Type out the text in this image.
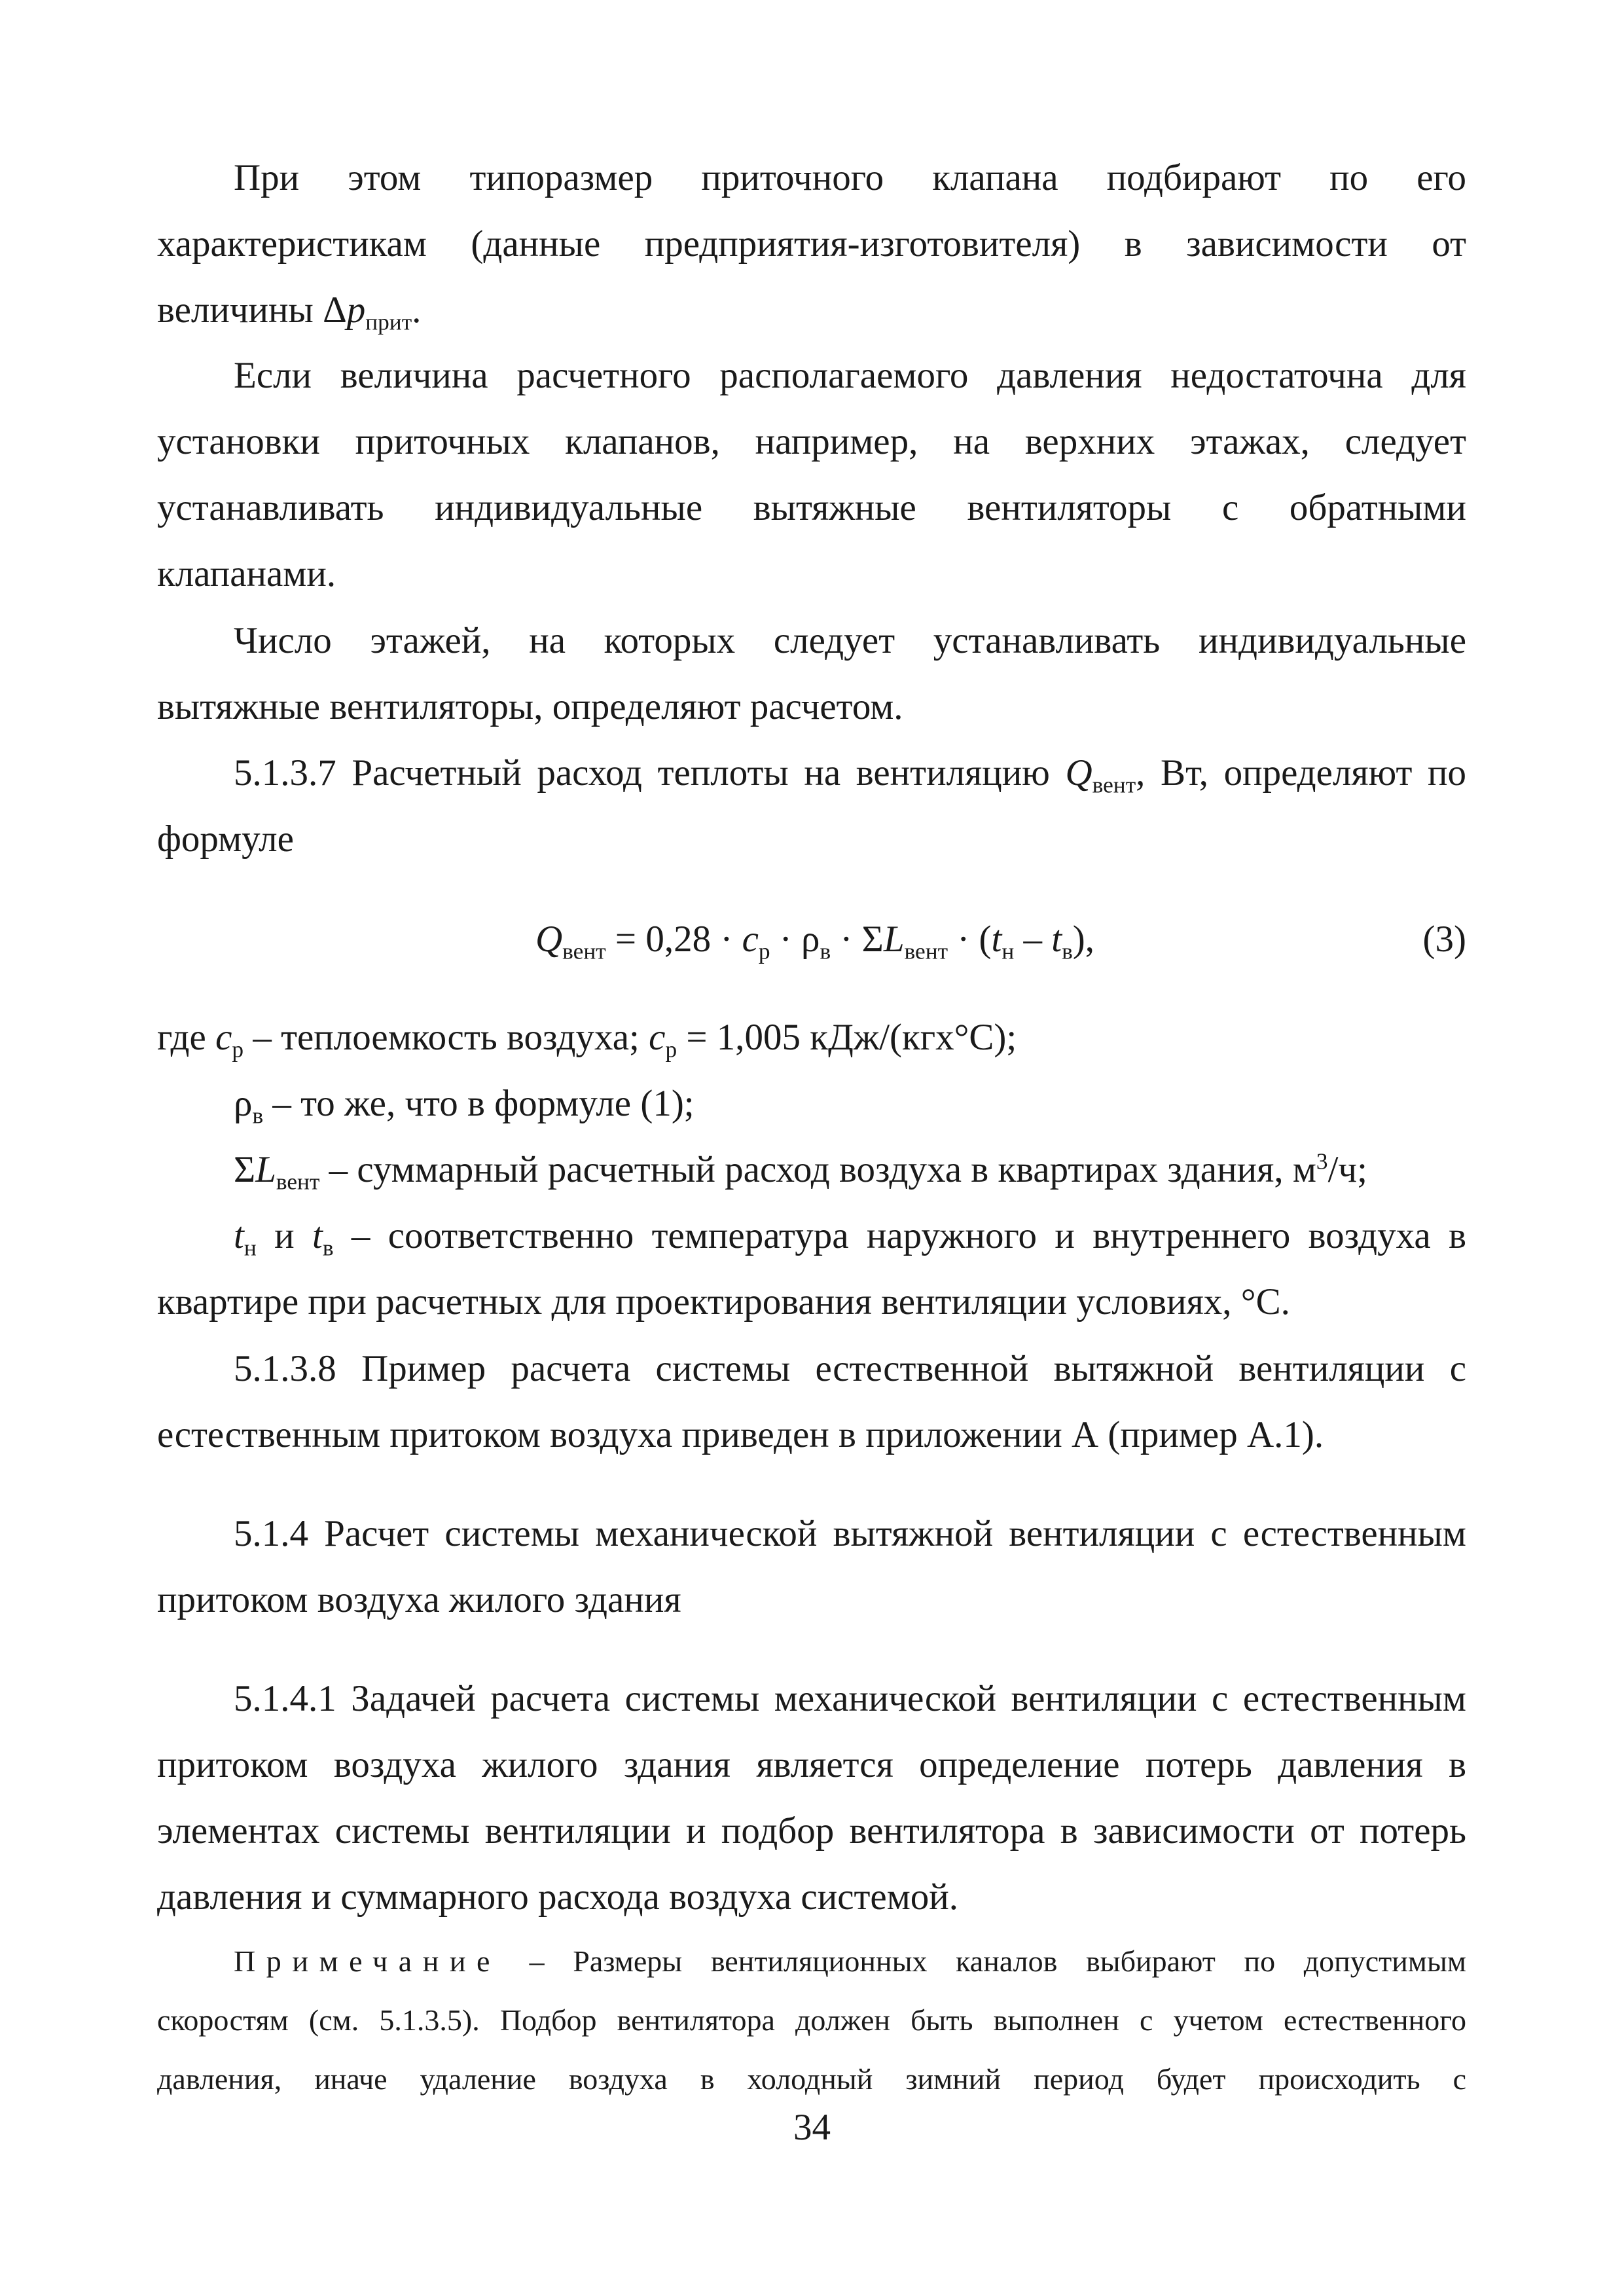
При этом типоразмер приточного клапана подбирают по его
характеристикам (данные предприятия-изготовителя) в зависимости от
величины $\Delta p_{прит}$.
Если величина расчетного располагаемого давления недостаточна для
установки приточных клапанов, например, на верхних этажах, следует
устанавливать индивидуальные вытяжные вентиляторы с обратными
клапанами.
Число этажей, на которых следует устанавливать индивидуальные
вытяжные вентиляторы, определяют расчетом.
5.1.3.7 Расчетный расход теплоты на вентиляцию $Q_{вент}$, Вт, определяют по
формуле
$Q_{вент} = 0,28 \cdot c_р \cdot \rho_в \cdot \Sigma L_{вент} \cdot (t_н - t_в)$,	(3)
где $c_р$ – теплоемкость воздуха; $c_р = 1,005$ кДж/(кгх°С);
$\rho_в$ – то же, что в формуле (1);
$\Sigma L_{вент}$ – суммарный расчетный расход воздуха в квартирах здания, $м^3/ч$;
$t_н$ и $t_в$ – соответственно температура наружного и внутреннего воздуха в
квартире при расчетных для проектирования вентиляции условиях, °С.
5.1.3.8 Пример расчета системы естественной вытяжной вентиляции с
естественным притоком воздуха приведен в приложении А (пример А.1).
5.1.4 Расчет системы механической вытяжной вентиляции с естественным
притоком воздуха жилого здания
5.1.4.1 Задачей расчета системы механической вентиляции с естественным
притоком воздуха жилого здания является определение потерь давления в
элементах системы вентиляции и подбор вентилятора в зависимости от потерь
давления и суммарного расхода воздуха системой.
Примечание – Размеры вентиляционных каналов выбирают по допустимым
скоростям (см. 5.1.3.5). Подбор вентилятора должен быть выполнен с учетом естественного
давления, иначе удаление воздуха в холодный зимний период будет происходить с
34
